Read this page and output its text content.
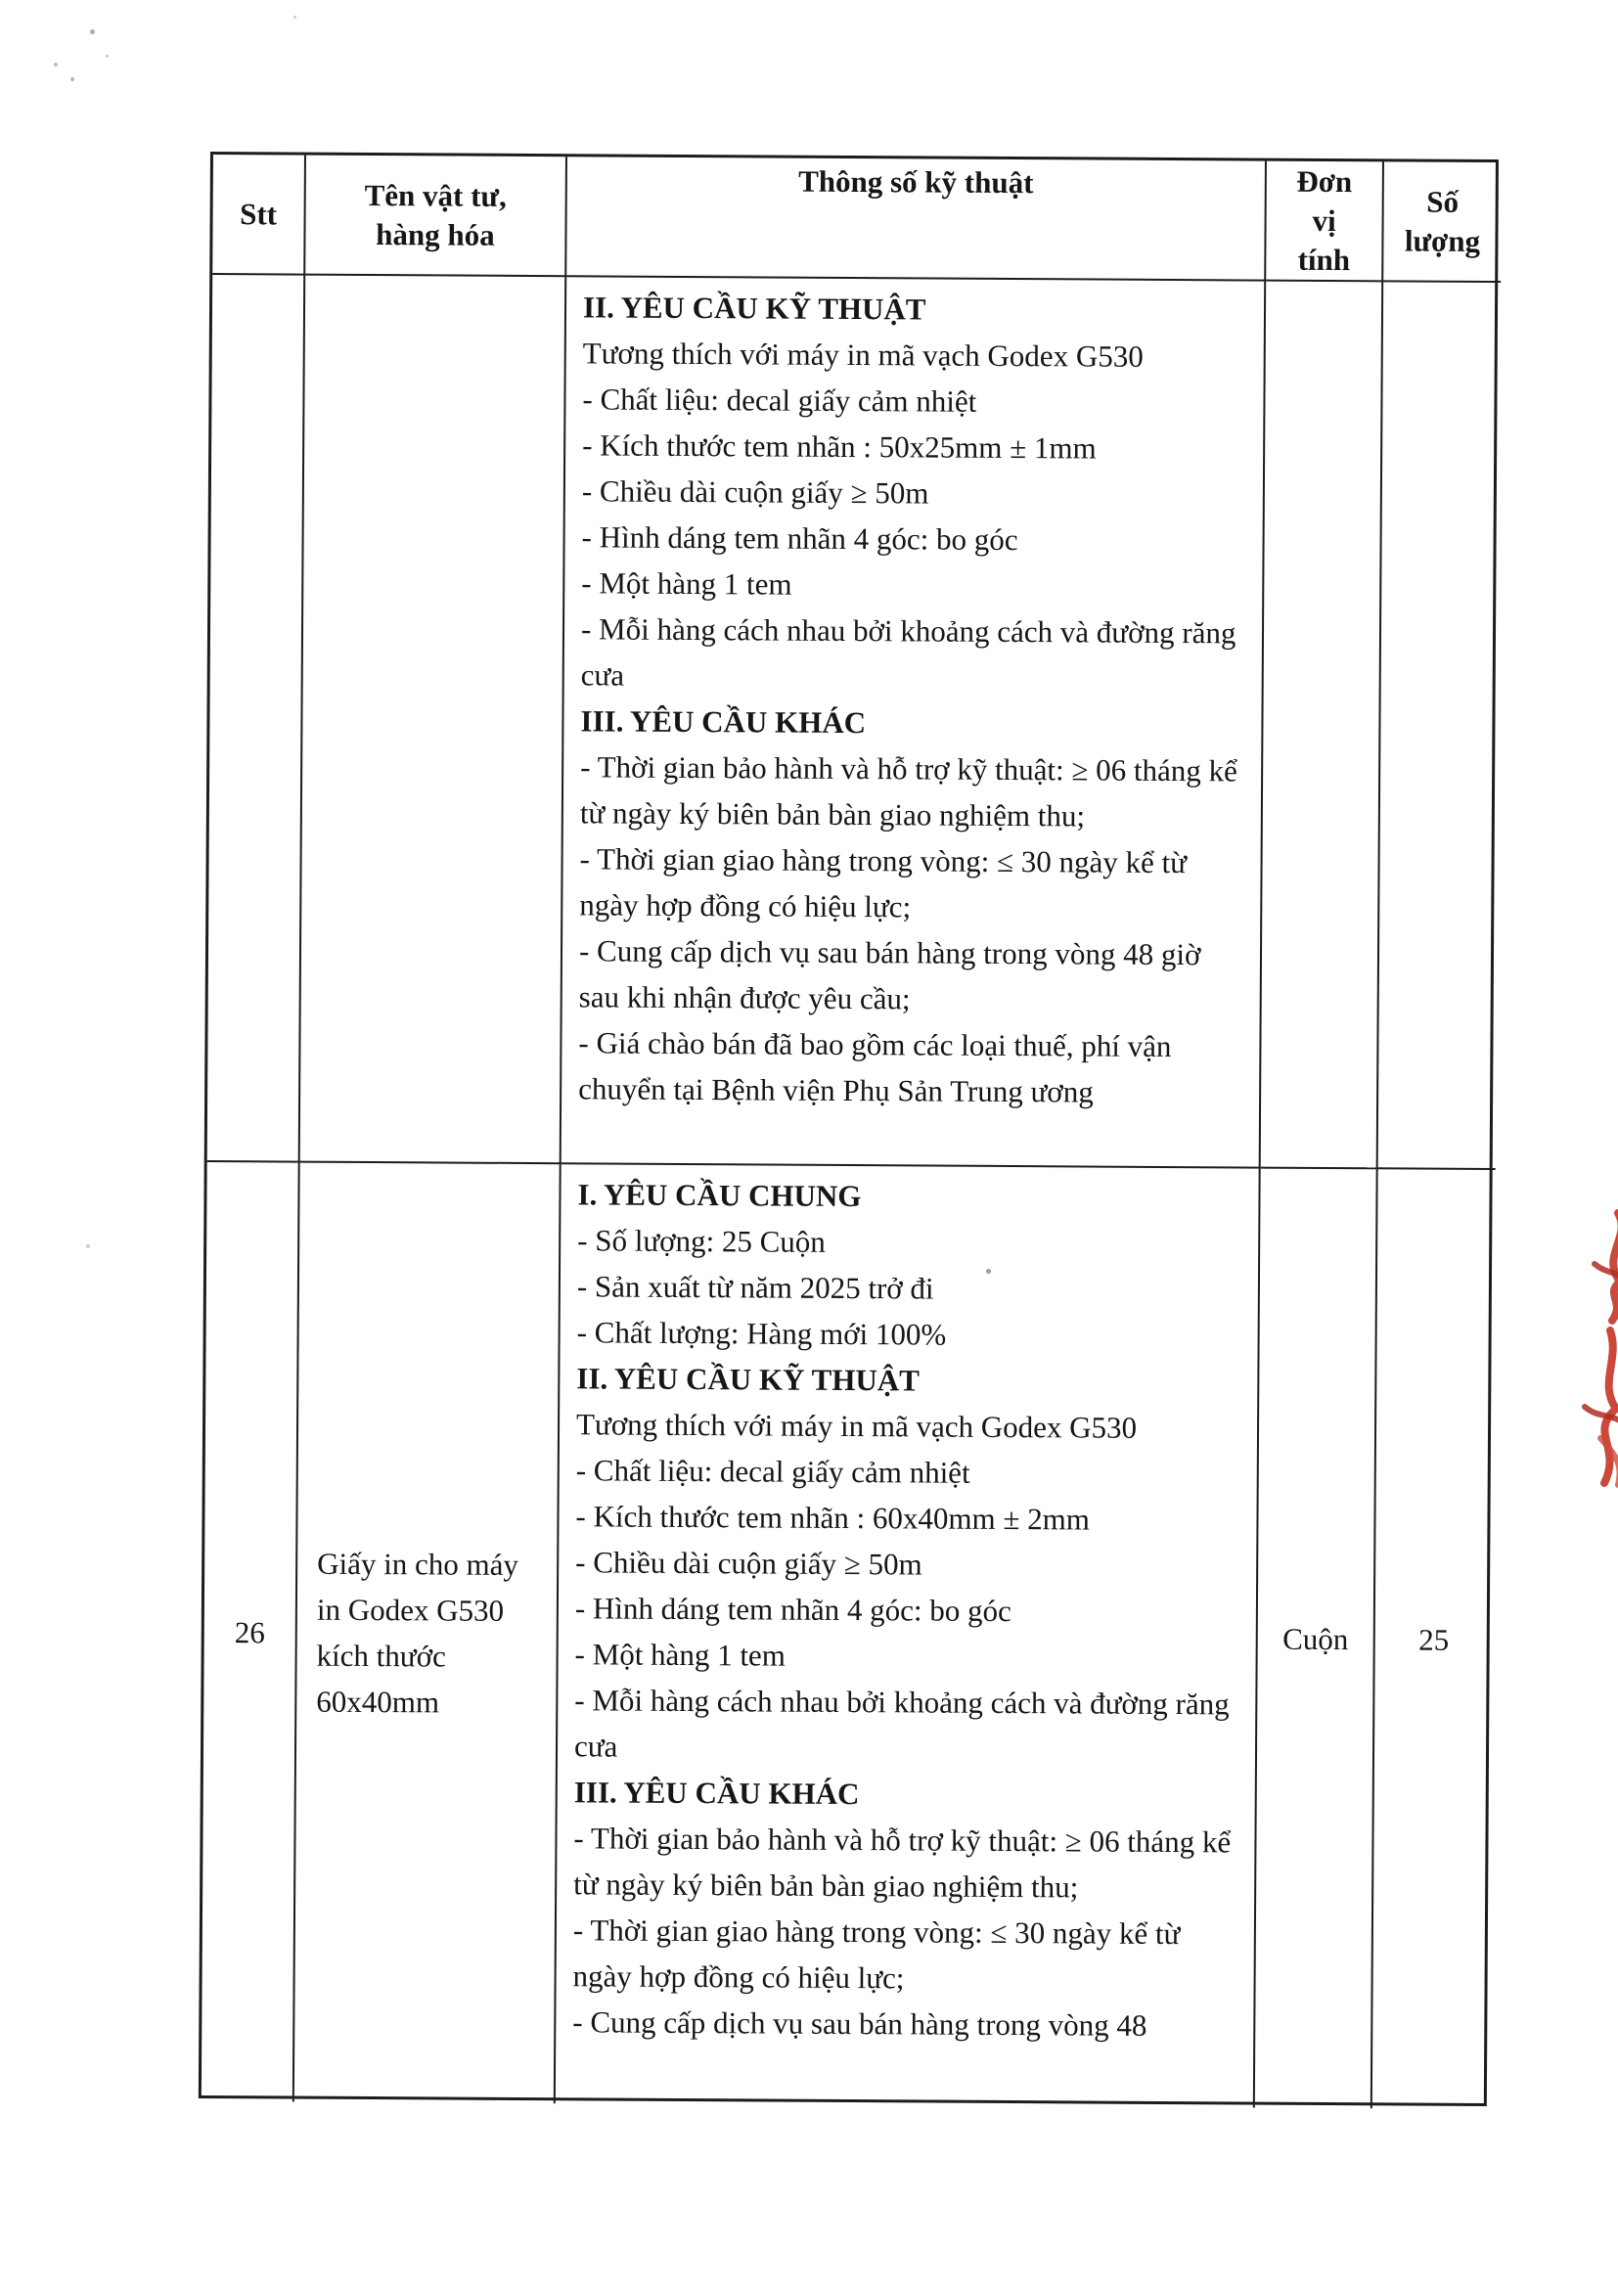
Stt
Tên vật tư,
hàng hóa
Thông số kỹ thuật	Đơn
vị
tính
Số
lượng
II. YÊU CẦU KỸ THUẬT
Tương thích với máy in mã vạch Godex G530
- Chất liệu: decal giấy cảm nhiệt
- Kích thước tem nhãn : 50x25mm ± 1mm
- Chiều dài cuộn giấy ≥ 50m
- Hình dáng tem nhãn 4 góc: bo góc
- Một hàng 1 tem
- Mỗi hàng cách nhau bởi khoảng cách và đường răng cưa
III. YÊU CẦU KHÁC
- Thời gian bảo hành và hỗ trợ kỹ thuật: ≥ 06 tháng kể từ ngày ký biên bản bàn giao nghiệm thu;
- Thời gian giao hàng trong vòng: ≤ 30 ngày kể từ ngày hợp đồng có hiệu lực;
- Cung cấp dịch vụ sau bán hàng trong vòng 48 giờ sau khi nhận được yêu cầu;
- Giá chào bán đã bao gồm các loại thuế, phí vận chuyển tại Bệnh viện Phụ Sản Trung ương
26
Giấy in cho máy
in Godex G530
kích thước
60x40mm
I. YÊU CẦU CHUNG
- Số lượng: 25 Cuộn
- Sản xuất từ năm 2025 trở đi
- Chất lượng: Hàng mới 100%
II. YÊU CẦU KỸ THUẬT
Tương thích với máy in mã vạch Godex G530
- Chất liệu: decal giấy cảm nhiệt
- Kích thước tem nhãn : 60x40mm ± 2mm
- Chiều dài cuộn giấy ≥ 50m
- Hình dáng tem nhãn 4 góc: bo góc
- Một hàng 1 tem
- Mỗi hàng cách nhau bởi khoảng cách và đường răng cưa
III. YÊU CẦU KHÁC
- Thời gian bảo hành và hỗ trợ kỹ thuật: ≥ 06 tháng kể từ ngày ký biên bản bàn giao nghiệm thu;
- Thời gian giao hàng trong vòng: ≤ 30 ngày kể từ ngày hợp đồng có hiệu lực;
- Cung cấp dịch vụ sau bán hàng trong vòng 48
Cuộn	25
